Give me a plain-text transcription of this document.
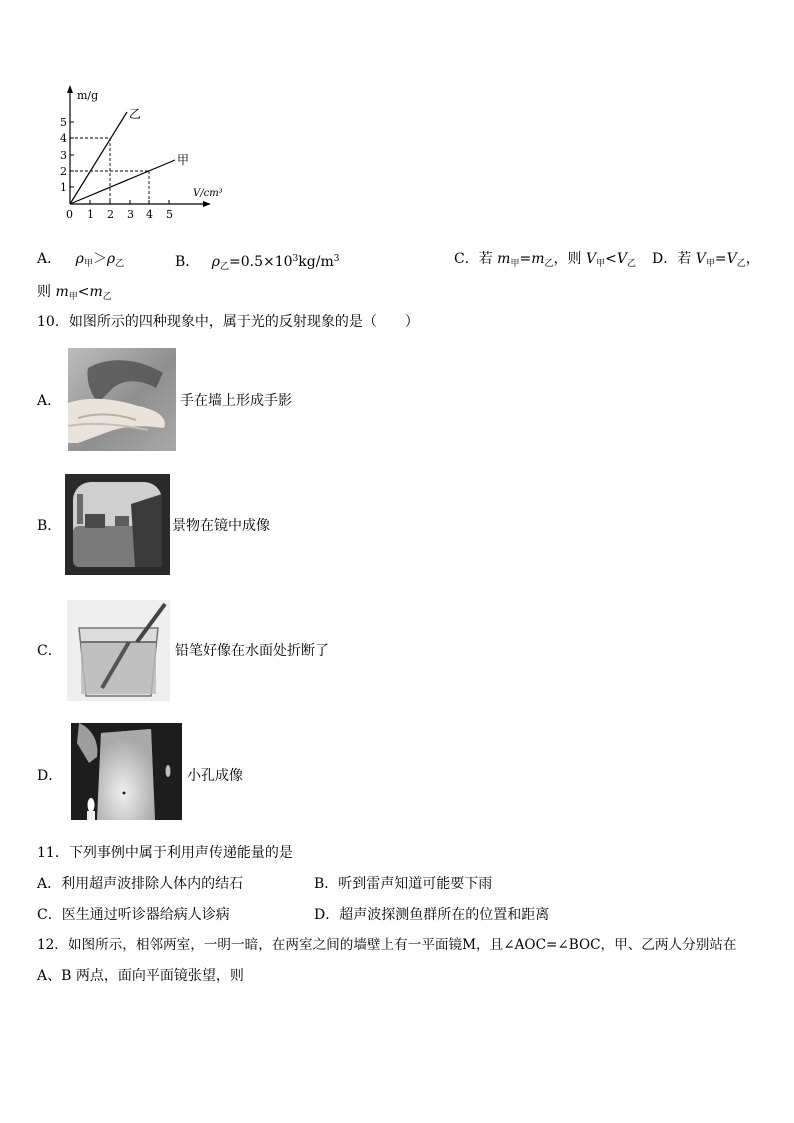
m/g
V/cm³
0
1
2
3
4
5
1 2 3 4 5
乙
甲
A． $\rho_甲>\rho_乙$	B． $\rho_乙=0.5\times 10^3kg/m^3$	C．若 $m_甲=m_乙$，则 $V_甲<V_乙$ D．若 $V_甲=V_乙$，
则 $m_甲<m_乙$
10．如图所示的四种现象中，属于光的反射现象的是（　　）
A．	手在墙上形成手影
B．	景物在镜中成像
C．	铅笔好像在水面处折断了
D．	小孔成像
11．下列事例中属于利用声传递能量的是
A．利用超声波排除人体内的结石	B．听到雷声知道可能要下雨
C．医生通过听诊器给病人诊病	D．超声波探测鱼群所在的位置和距离
12．如图所示，相邻两室，一明一暗，在两室之间的墙壁上有一平面镜M，且∠AOC=∠BOC，甲、乙两人分别站在
A、B 两点，面向平面镜张望，则
